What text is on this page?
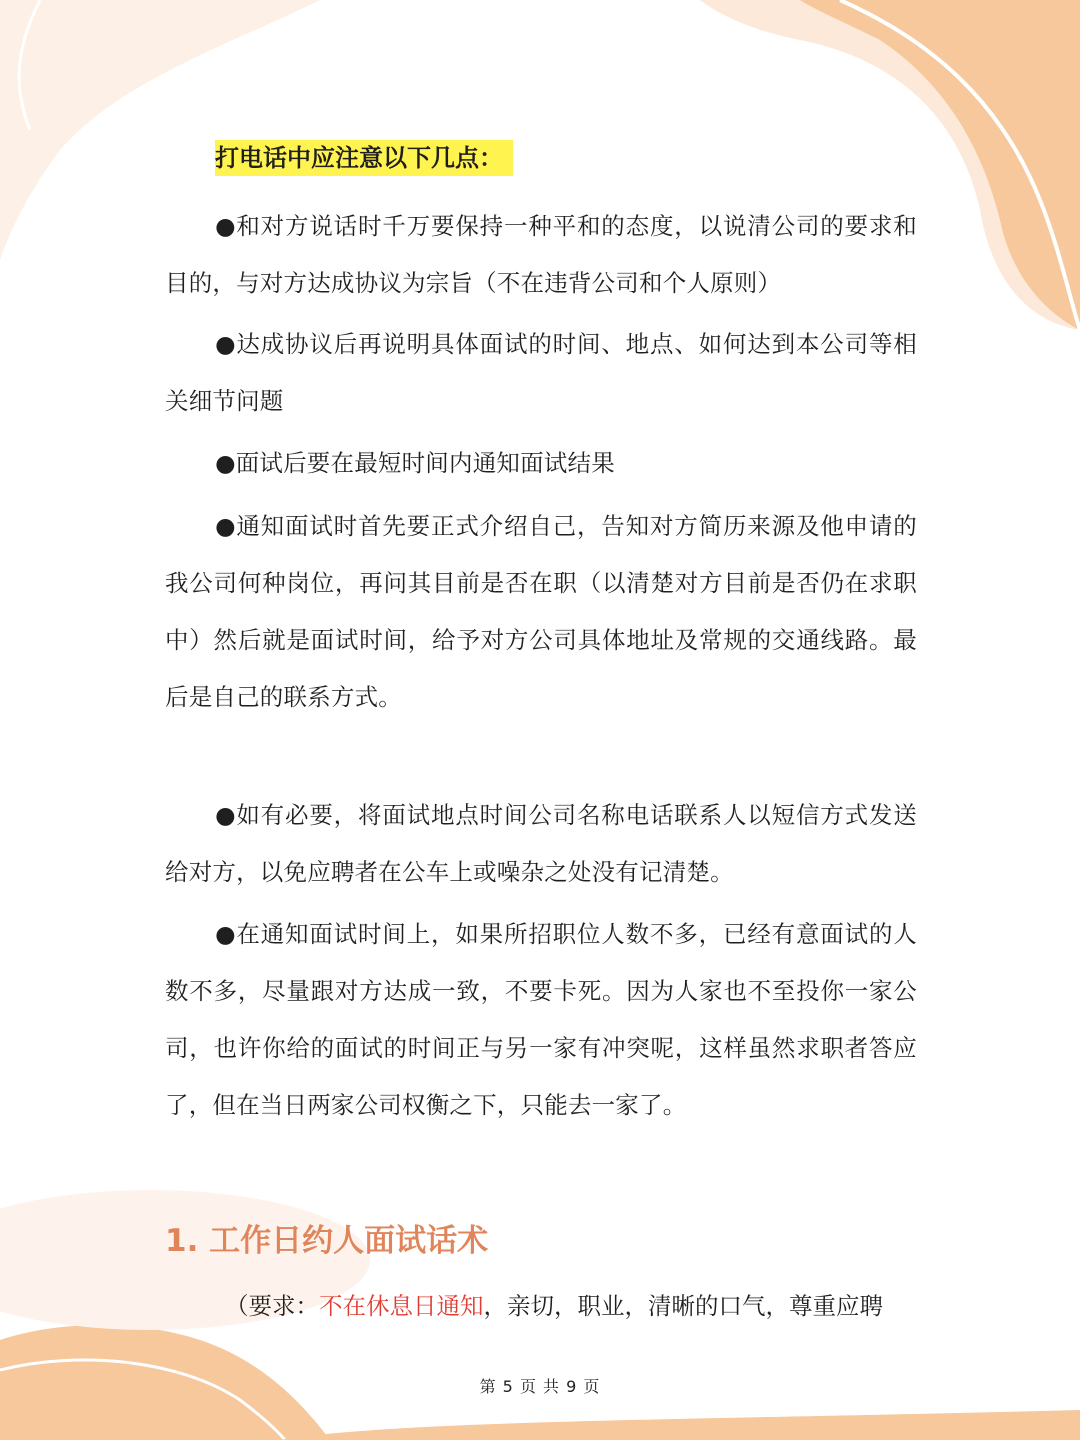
打电话中应注意以下几点：
●和对方说话时千万要保持一种平和的态度，以说清公司的要求和目的，与对方达成协议为宗旨（不在违背公司和个人原则）
●达成协议后再说明具体面试的时间、地点、如何达到本公司等相关细节问题
●面试后要在最短时间内通知面试结果
●通知面试时首先要正式介绍自己，告知对方简历来源及他申请的我公司何种岗位，再问其目前是否在职（以清楚对方目前是否仍在求职中）然后就是面试时间，给予对方公司具体地址及常规的交通线路。最后是自己的联系方式。
●如有必要，将面试地点时间公司名称电话联系人以短信方式发送给对方，以免应聘者在公车上或噪杂之处没有记清楚。
●在通知面试时间上，如果所招职位人数不多，已经有意面试的人数不多，尽量跟对方达成一致，不要卡死。因为人家也不至投你一家公司，也许你给的面试的时间正与另一家有冲突呢，这样虽然求职者答应了，但在当日两家公司权衡之下，只能去一家了。
1. 工作日约人面试话术
（要求：不在休息日通知，亲切，职业，清晰的口气，尊重应聘
第 5 页 共 9 页
